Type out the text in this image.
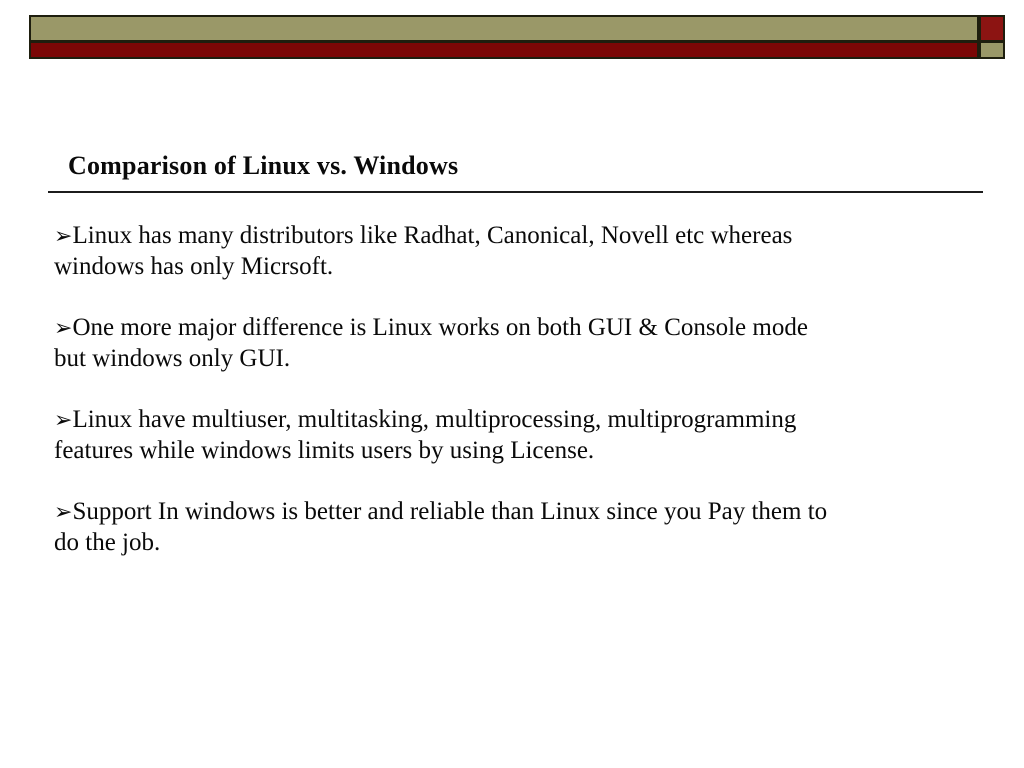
Comparison of Linux vs. Windows

➢Linux has many distributors like Radhat, Canonical, Novell etc whereas
windows has only Micrsoft.

➢One more major difference is Linux works on both GUI & Console mode
but windows only GUI.

➢Linux have multiuser, multitasking, multiprocessing, multiprogramming
features while windows limits users by using License.

➢Support In windows is better and reliable than Linux since you Pay them to
do the job.
